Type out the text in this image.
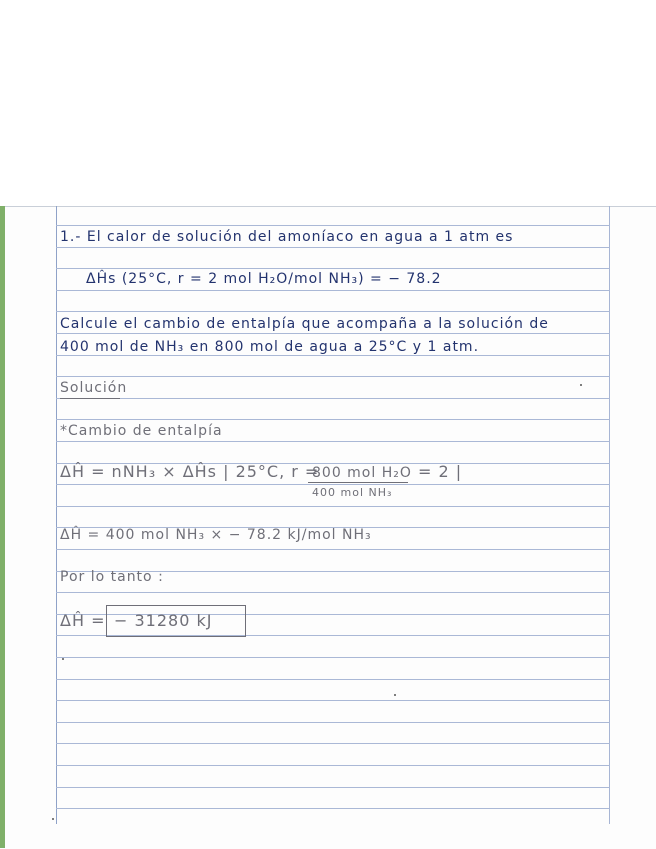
1.- El calor de solución del amoníaco en agua a 1 atm es
ΔĤs (25°C, r = 2 mol H₂O/mol NH₃) = − 78.2
Calcule el cambio de entalpía que acompaña a la solución de
400 mol de NH₃ en 800 mol de agua a 25°C y 1 atm.
Solución
*Cambio de entalpía
ΔĤ = nNH₃ × ΔĤs | 25°C, r =
800 mol H₂O
400 mol NH₃
= 2 |
ΔĤ = 400 mol NH₃ × − 78.2 kJ/mol NH₃
Por lo tanto :
ΔĤ = − 31280 kJ
